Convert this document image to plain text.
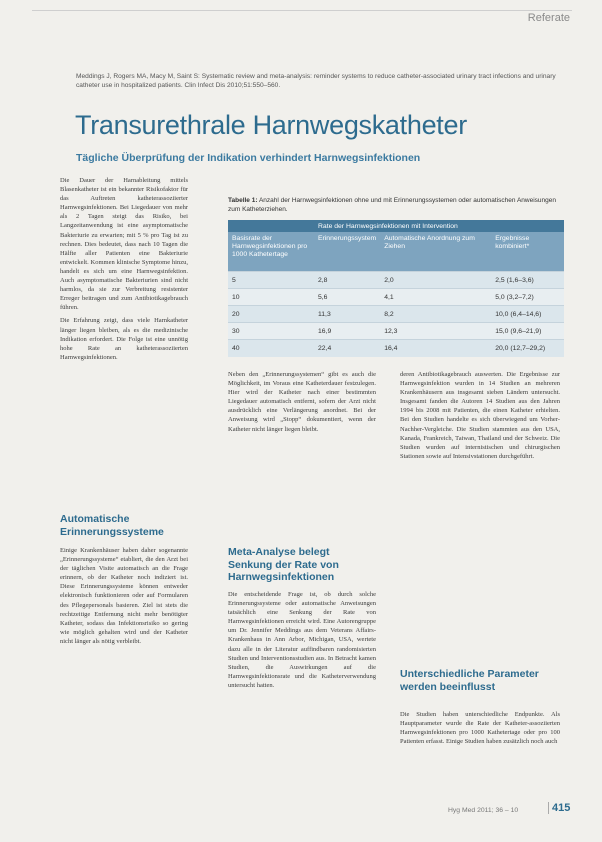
Referate
Meddings J, Rogers MA, Macy M, Saint S: Systematic review and meta-analysis: reminder systems to reduce catheter-associated urinary tract infections and urinary catheter use in hospitalized patients. Clin Infect Dis 2010;51:550–560.
Transurethrale Harnwegskatheter
Tägliche Überprüfung der Indikation verhindert Harnwegsinfektionen

Die Dauer der Harnableitung mittels Blasenkatheter ist ein bekannter Risikofaktor für das Auftreten katheterassoziierter Harnwegsinfektionen. Bei Liegedauer von mehr als 2 Tagen steigt das Risiko, bei Langzeitanwendung ist eine asymptomatische Bakteriurie zu erwarten; mit 5 % pro Tag ist zu rechnen. Dies bedeutet, dass nach 10 Tagen die Hälfte aller Patienten eine Bakteriurie entwickelt. Kommen klinische Symptome hinzu, handelt es sich um eine Harnwegsinfektion. Auch asymptomatische Bakteriurien sind nicht harmlos, da sie zur Verbreitung resistenter Erreger beitragen und zum Antibiotikagebrauch führen.

Die Erfahrung zeigt, dass viele Harnkatheter länger liegen bleiben, als es die medizinische Indikation erfordert. Die Folge ist eine unnötig hohe Rate an katheterassoziierten Harnwegsinfektionen.

Automatische Erinnerungssysteme

Einige Krankenhäuser haben daher sogenannte „Erinnerungssysteme“ etabliert, die den Arzt bei der täglichen Visite automatisch an die Frage erinnern, ob der Katheter noch indiziert ist. Diese Erinnerungssysteme können entweder elektronisch funktionieren oder auf Formularen des Pflegepersonals basieren. Ziel ist stets die rechtzeitige Entfernung nicht mehr benötigter Katheter, sodass das Infektionsrisiko so gering wie möglich gehalten wird und der Katheter nicht länger als nötig verbleibt.

Tabelle 1: Anzahl der Harnwegsinfektionen ohne und mit Erinnerungssystemen oder automatischen Anweisungen zum Katheterziehen.
	Rate der Harnwegsinfektionen mit Intervention		
Basisrate der Harnwegsinfektionen pro 1000 Kathetertage	Erinnerungssystem	Automatische Anordnung zum Ziehen	Ergebnisse kombiniert*
5	2,8	2,0	2,5 (1,6–3,6)
10	5,6	4,1	5,0 (3,2–7,2)
20	11,3	8,2	10,0 (6,4–14,6)
30	16,9	12,3	15,0 (9,6–21,9)
40	22,4	16,4	20,0 (12,7–29,2)

Neben den „Erinnerungssystemen“ gibt es auch die Möglichkeit, im Voraus eine Katheterdauer festzulegen. Hier wird der Katheter nach einer bestimmten Liegedauer automatisch entfernt, sofern der Arzt nicht ausdrücklich eine Verlängerung anordnet. Bei der Anweisung wird „Stopp“ dokumentiert, wenn der Katheter nicht länger liegen bleibt.

Meta-Analyse belegt Senkung der Rate von Harnwegsinfektionen

Die entscheidende Frage ist, ob durch solche Erinnerungssysteme oder automatische Anweisungen tatsächlich eine Senkung der Rate von Harnwegsinfektionen erreicht wird. Eine Autorengruppe um Dr. Jennifer Meddings aus dem Veterans Affairs-Krankenhaus in Ann Arbor, Michigan, USA, wertete dazu alle in der Literatur auffindbaren randomisierten Studien und Interventionsstudien aus. In Betracht kamen Studien, die Auswirkungen auf die Harnwegsinfektionsrate und die Katheterverwendung untersucht hatten.

deren Antibiotikagebrauch auswerten. Die Ergebnisse zur Harnwegsinfektion wurden in 14 Studien an mehreren Krankenhäusern aus insgesamt sieben Ländern untersucht. Insgesamt fanden die Autoren 14 Studien aus den Jahren 1994 bis 2008 mit Patienten, die einen Katheter erhielten. Bei den Studien handelte es sich überwiegend um Vorher-Nachher-Vergleiche. Die Studien stammten aus den USA, Kanada, Frankreich, Taiwan, Thailand und der Schweiz. Die Studien wurden auf internistischen und chirurgischen Stationen sowie auf Intensivstationen durchgeführt.

Unterschiedliche Parameter werden beeinflusst

Die Studien haben unterschiedliche Endpunkte. Als Hauptparameter wurde die Rate der Katheter-assoziierten Harnwegsinfektionen pro 1000 Kathetertage oder pro 100 Patienten erfasst. Einige Studien haben zusätzlich noch auch

Hyg Med 2011; 36 – 10	415
